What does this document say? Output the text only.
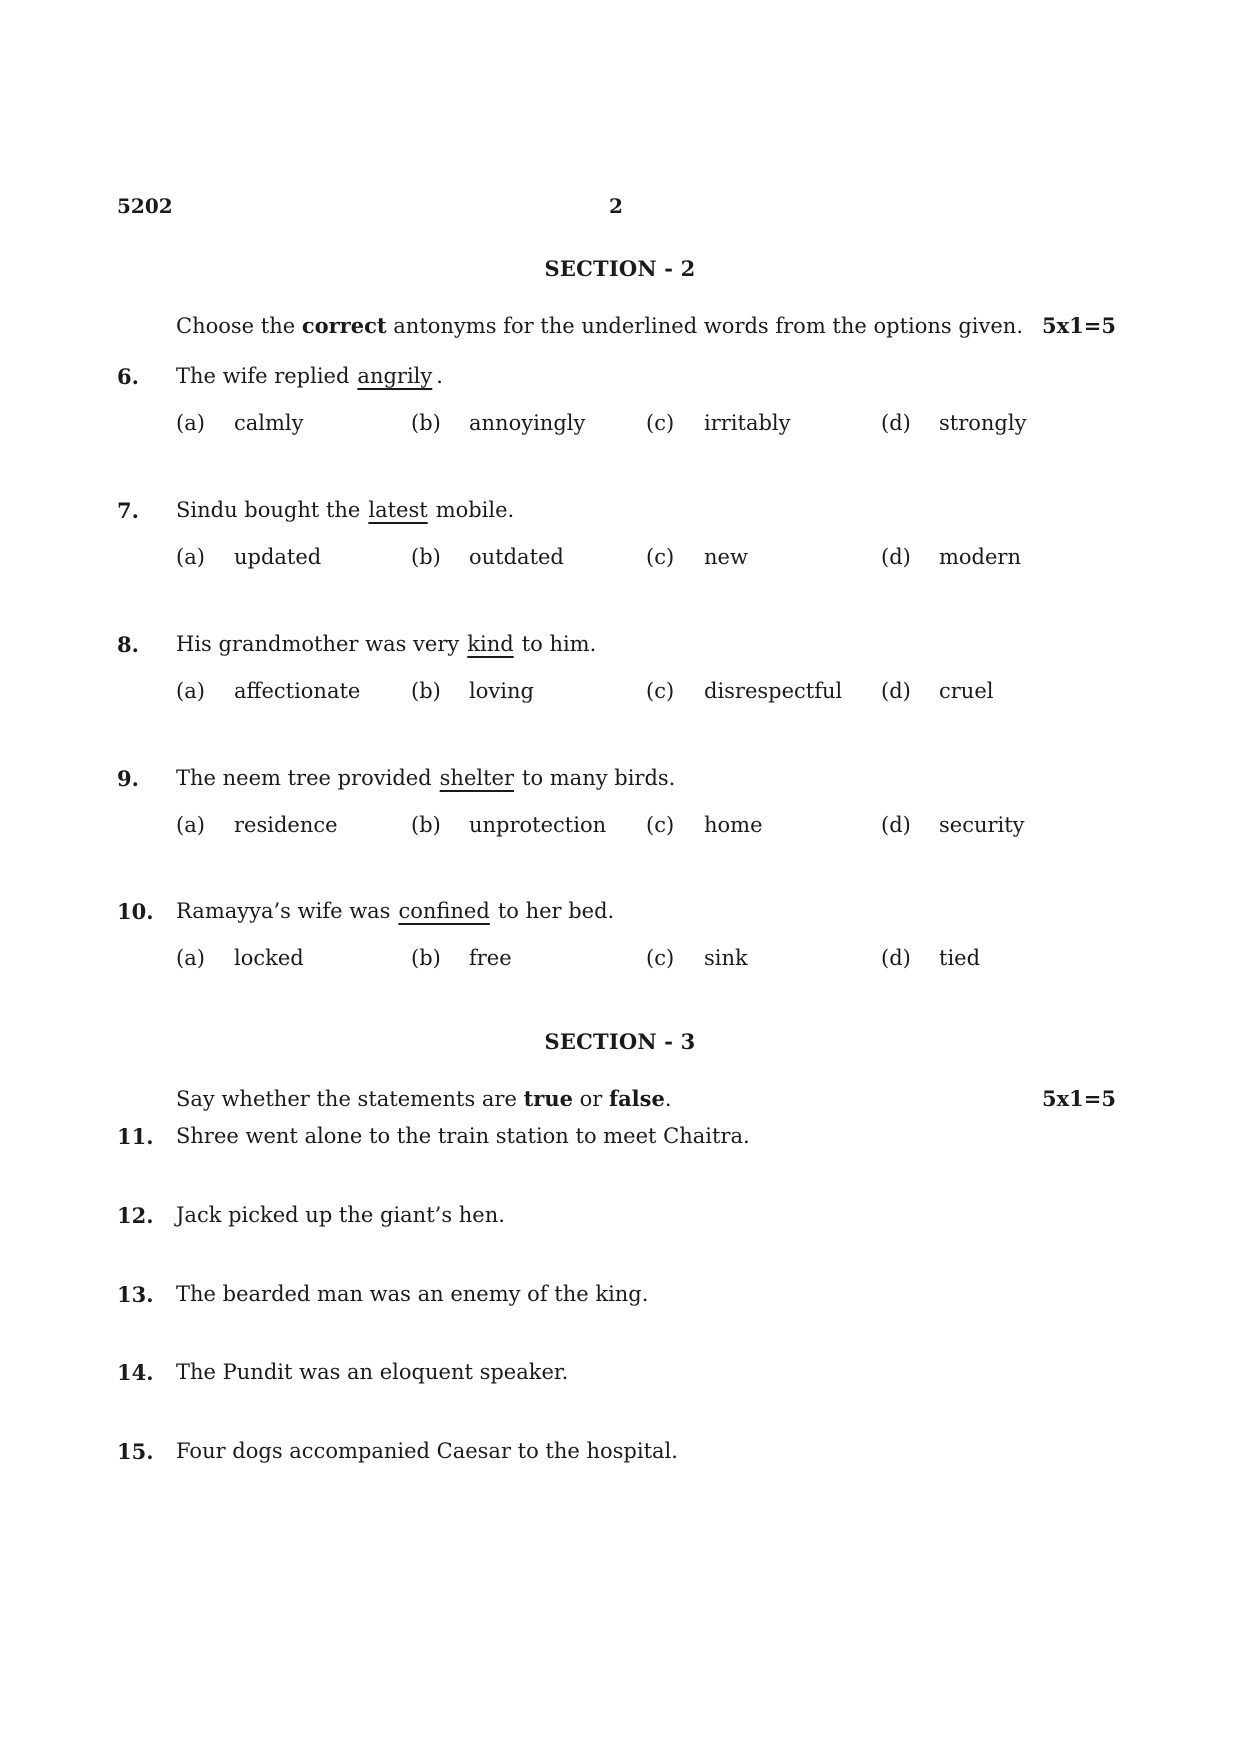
5202	2
SECTION - 2
Choose the correct antonyms for the underlined words from the options given. 5x1=5
6. The wife replied angrily .
(a) calmly	(b) annoyingly	(c) irritably	(d) strongly
7. Sindu bought the latest mobile.
(a) updated	(b) outdated	(c) new	(d) modern
8. His grandmother was very kind to him.
(a) affectionate (b) loving	(c) disrespectful (d) cruel
9. The neem tree provided shelter to many birds.
(a) residence	(b) unprotection (c) home	(d) security
10. Ramayya’s wife was confined to her bed.
(a) locked	(b) free	(c) sink	(d) tied
SECTION - 3
Say whether the statements are true or false.	5x1=5
11. Shree went alone to the train station to meet Chaitra.
12. Jack picked up the giant’s hen.
13. The bearded man was an enemy of the king.
14. The Pundit was an eloquent speaker.
15. Four dogs accompanied Caesar to the hospital.
